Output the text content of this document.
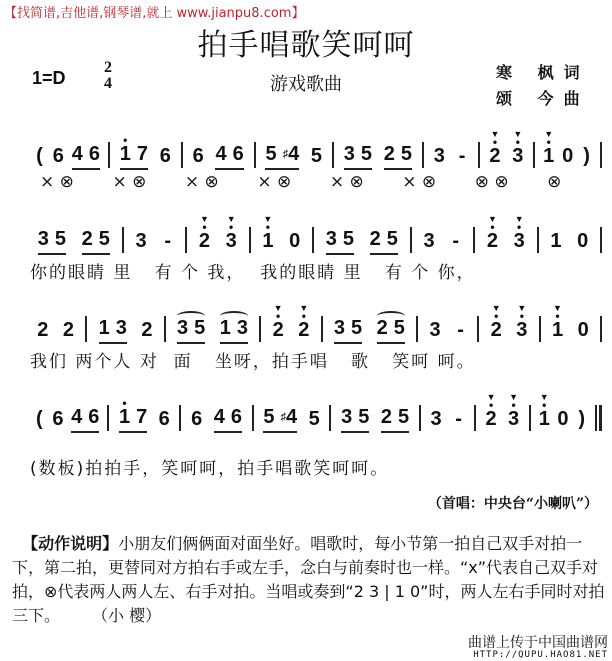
【找简谱,吉他谱,钢琴谱,就上 www.jianpu8.com】
拍手唱歌笑呵呵
1=D
2
4	游戏歌曲
寒 枫词
颂 今曲
( 6 4 6
•
1 7 6 6 4 6 5 ♯4 5 3 5 2 5 3 -
▼
•
2
▼
•
3
▼
•
1 0 )
× ⊗	× ⊗	× ⊗	× ⊗	× ⊗	× ⊗	⊗ ⊗	⊗
3 5 2 5 3 -
▼
•
2
▼
•
3
▼
•
1 0 3 5 2 5 3 -
▼
•
2
▼
•
3 1 0
你的眼睛 里   有 个 我，  我的眼睛 里   有 个 你，
2 2 1 3 2 3 5 1 3
▼
•
2
▼
•
2 3 5 2 5 3 -
▼
•
2
▼
•
3
▼
•
1 0
我们 两个人 对  面   坐呀，拍手唱   歌   笑呵 呵。
( 6 4 6
•
1 7 6 6 4 6 5 ♯4 5 3 5 2 5 3 -
▼
•
2
▼
•
3
▼
•
1 0 )
(数板)拍拍手，笑呵呵，拍手唱歌笑呵呵。
（首唱：中央台“小喇叭”）
【动作说明】小朋友们俩俩面对面坐好。唱歌时，每小节第一拍自己双手对拍一下，第二拍，更替同对方拍右手或左手，念白与前奏时也一样。“x”代表自己双手对拍，⊗代表两人两人左、右手对拍。当唱或奏到“2 3 | 1 0”时，两人左右手同时对拍三下。	（小 樱）
曲谱上传于中国曲谱网
HTTP://QUPU.HAO81.NET
